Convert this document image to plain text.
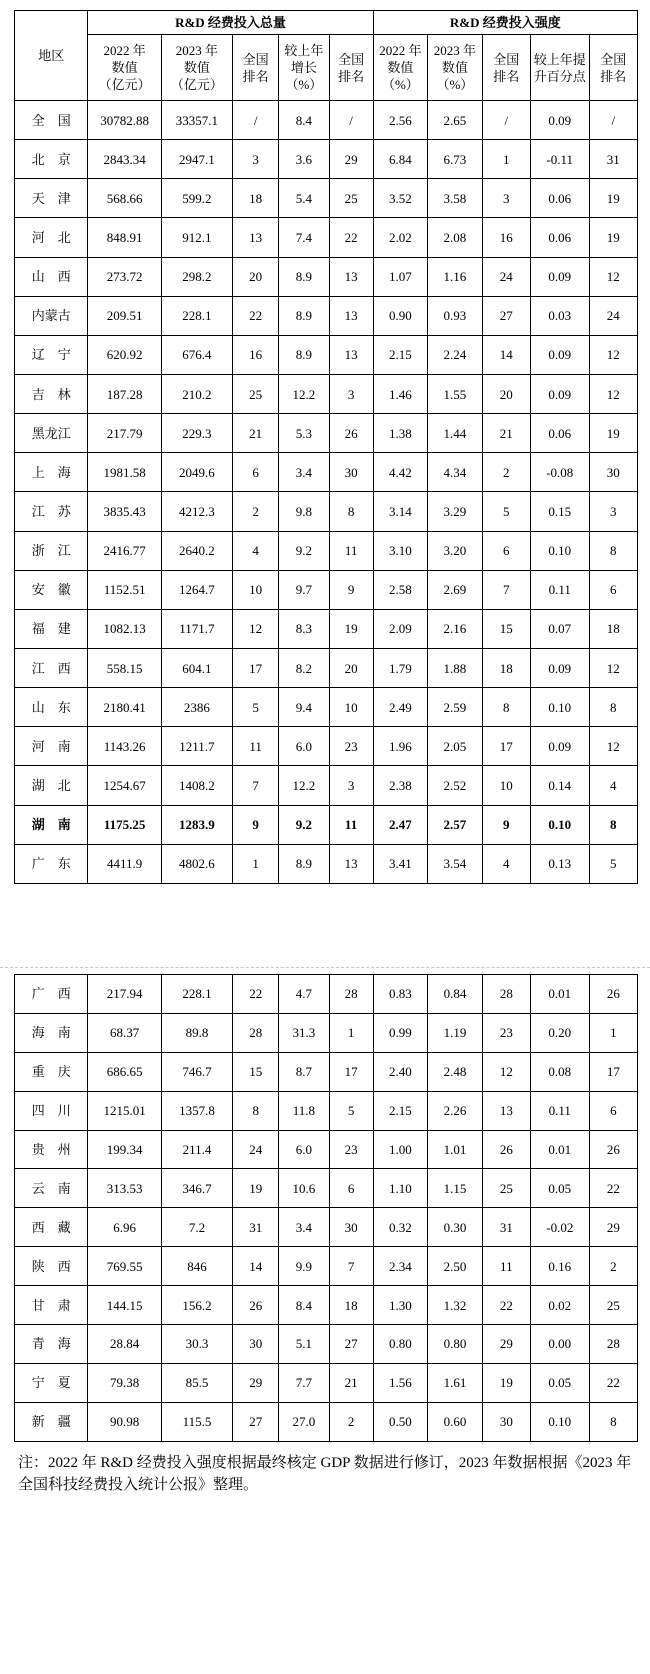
地区	R&D 经费投入总量					R&D 经费投入强度				
	2022 年
数值
（亿元）	2023 年
数值
（亿元）	全国
排名	较上年
增长
（%）	全国
排名	2022 年
数值
（%）	2023 年
数值
（%）	全国
排名	较上年提
升百分点	全国
排名
全　国	30782.88	33357.1	/	8.4	/	2.56	2.65	/	0.09	/
北　京	2843.34	2947.1	3	3.6	29	6.84	6.73	1	-0.11	31
天　津	568.66	599.2	18	5.4	25	3.52	3.58	3	0.06	19
河　北	848.91	912.1	13	7.4	22	2.02	2.08	16	0.06	19
山　西	273.72	298.2	20	8.9	13	1.07	1.16	24	0.09	12
内蒙古	209.51	228.1	22	8.9	13	0.90	0.93	27	0.03	24
辽　宁	620.92	676.4	16	8.9	13	2.15	2.24	14	0.09	12
吉　林	187.28	210.2	25	12.2	3	1.46	1.55	20	0.09	12
黑龙江	217.79	229.3	21	5.3	26	1.38	1.44	21	0.06	19
上　海	1981.58	2049.6	6	3.4	30	4.42	4.34	2	-0.08	30
江　苏	3835.43	4212.3	2	9.8	8	3.14	3.29	5	0.15	3
浙　江	2416.77	2640.2	4	9.2	11	3.10	3.20	6	0.10	8
安　徽	1152.51	1264.7	10	9.7	9	2.58	2.69	7	0.11	6
福　建	1082.13	1171.7	12	8.3	19	2.09	2.16	15	0.07	18
江　西	558.15	604.1	17	8.2	20	1.79	1.88	18	0.09	12
山　东	2180.41	2386	5	9.4	10	2.49	2.59	8	0.10	8
河　南	1143.26	1211.7	11	6.0	23	1.96	2.05	17	0.09	12
湖　北	1254.67	1408.2	7	12.2	3	2.38	2.52	10	0.14	4
湖　南	1175.25	1283.9	9	9.2	11	2.47	2.57	9	0.10	8
广　东	4411.9	4802.6	1	8.9	13	3.41	3.54	4	0.13	5
广　西	217.94	228.1	22	4.7	28	0.83	0.84	28	0.01	26
海　南	68.37	89.8	28	31.3	1	0.99	1.19	23	0.20	1
重　庆	686.65	746.7	15	8.7	17	2.40	2.48	12	0.08	17
四　川	1215.01	1357.8	8	11.8	5	2.15	2.26	13	0.11	6
贵　州	199.34	211.4	24	6.0	23	1.00	1.01	26	0.01	26
云　南	313.53	346.7	19	10.6	6	1.10	1.15	25	0.05	22
西　藏	6.96	7.2	31	3.4	30	0.32	0.30	31	-0.02	29
陕　西	769.55	846	14	9.9	7	2.34	2.50	11	0.16	2
甘　肃	144.15	156.2	26	8.4	18	1.30	1.32	22	0.02	25
青　海	28.84	30.3	30	5.1	27	0.80	0.80	29	0.00	28
宁　夏	79.38	85.5	29	7.7	21	1.56	1.61	19	0.05	22
新　疆	90.98	115.5	27	27.0	2	0.50	0.60	30	0.10	8
注：2022 年 R&D 经费投入强度根据最终核定 GDP 数据进行修订，2023 年数据根据《2023 年全国科技经费投入统计公报》整理。
